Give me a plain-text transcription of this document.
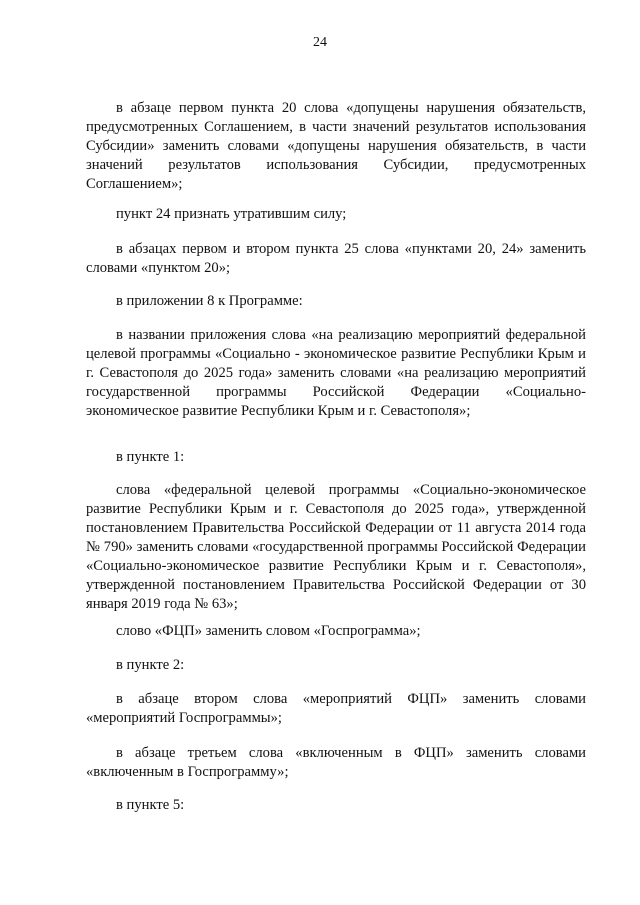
24

в абзаце первом пункта 20 слова «допущены нарушения обязательств, предусмотренных Соглашением, в части значений результатов использования Субсидии» заменить словами «допущены нарушения обязательств, в части значений результатов использования Субсидии, предусмотренных Соглашением»;

пункт 24 признать утратившим силу;

в абзацах первом и втором пункта 25 слова «пунктами 20, 24» заменить словами «пунктом 20»;

в приложении 8 к Программе:

в названии приложения слова «на реализацию мероприятий федеральной целевой программы «Социально - экономическое развитие Республики Крым и г. Севастополя до 2025 года» заменить словами «на реализацию мероприятий государственной программы Российской Федерации «Социально-экономическое развитие Республики Крым и г. Севастополя»;

в пункте 1:

слова «федеральной целевой программы «Социально-экономическое развитие Республики Крым и г. Севастополя до 2025 года», утвержденной постановлением Правительства Российской Федерации от 11 августа 2014 года № 790» заменить словами «государственной программы Российской Федерации «Социально-экономическое развитие Республики Крым и г. Севастополя», утвержденной постановлением Правительства Российской Федерации от 30 января 2019 года № 63»;

слово «ФЦП» заменить словом «Госпрограмма»;

в пункте 2:

в абзаце втором слова «мероприятий ФЦП» заменить словами «мероприятий Госпрограммы»;

в абзаце третьем слова «включенным в ФЦП» заменить словами «включенным в Госпрограмму»;

в пункте 5:
